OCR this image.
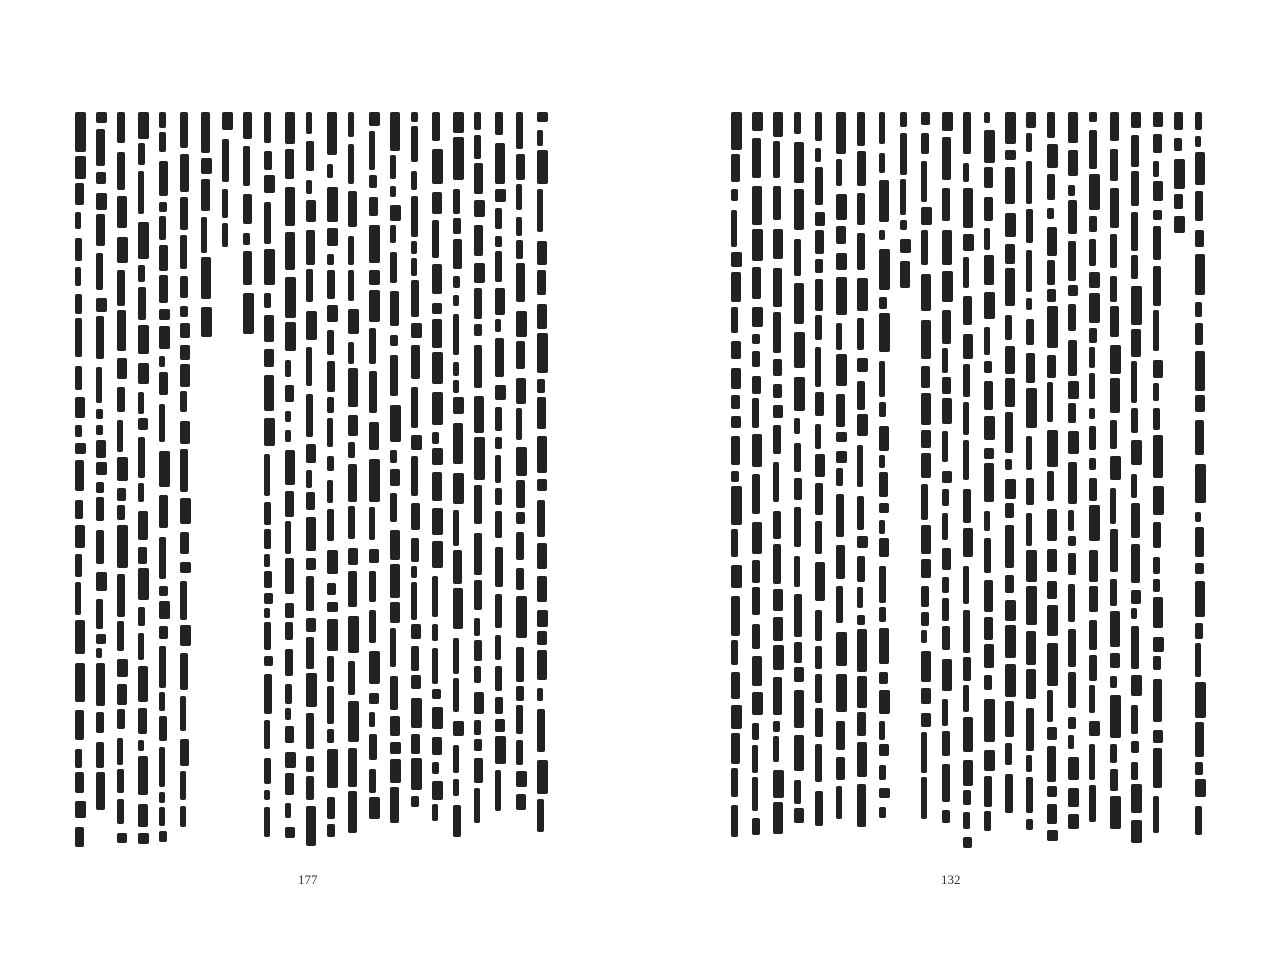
177	132
